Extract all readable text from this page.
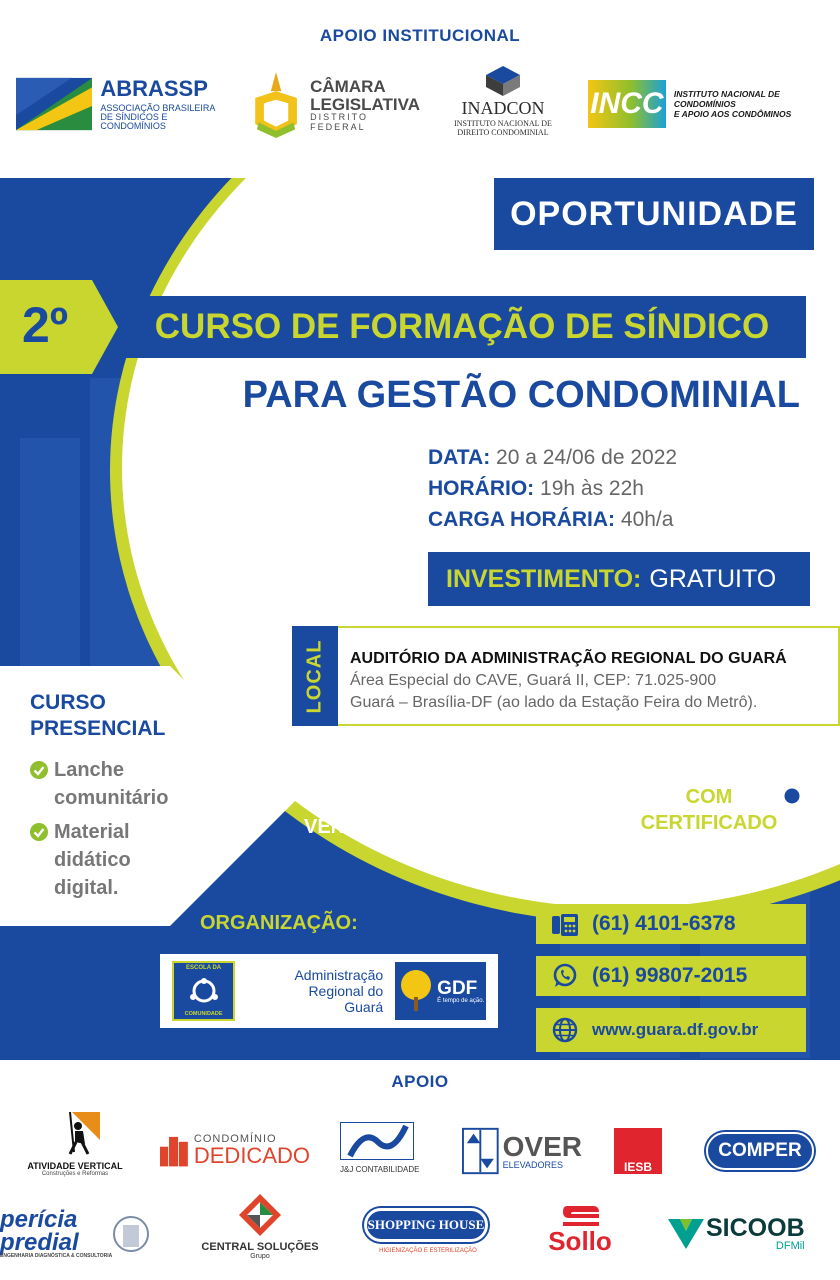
APOIO INSTITUCIONAL
ABRASSP
ASSOCIAÇÃO BRASILEIRA
DE SÍNDICOS E CONDOMÍNIOS
CÂMARA
LEGISLATIVA
DISTRITO FEDERAL
INADCON
INSTITUTO NACIONAL DE
DIREITO CONDOMINIAL
INCC INSTITUTO NACIONAL DE CONDOMÍNIOS
E APOIO AOS CONDÔMINOS
OPORTUNIDADE
2º	CURSO DE FORMAÇÃO DE SÍNDICO
PARA GESTÃO CONDOMINIAL
DATA: 20 a 24/06 de 2022
HORÁRIO: 19h às 22h
CARGA HORÁRIA: 40h/a
INVESTIMENTO: GRATUITO
LOCAL AUDITÓRIO DA ADMINISTRAÇÃO REGIONAL DO GUARÁ
Área Especial do CAVE, Guará II, CEP: 71.025-900
Guará – Brasília-DF (ao lado da Estação Feira do Metrô).
CURSO
PRESENCIAL
Lanche
comunitário
Material
didático
digital.
SÍNDICO, SUBSÍNDICO,
CONSELHEIRO E CONDÔMINO
VENHAM PARTICIPAR!
COM
CERTIFICADO
MAIS INFORMAÇÕES:
(61) 4101-6378
(61) 99807-2015
www.guara.df.gov.br
ORGANIZAÇÃO:
ESCOLA DA
COMUNIDADE
Administração
Regional do Guará
GDF
É tempo de ação.
APOIO
ATIVIDADE VERTICAL
Construções e Reformas
CONDOMÍNIO
DEDICADO
J&J CONTABILIDADE
OVER
ELEVADORES	IESB
COMPER
perícia
predial
ENGENHARIA DIAGNÓSTICA & CONSULTORIA
CENTRAL SOLUÇÕES
Grupo
SHOPPING HOUSE
HIGIENIZAÇÃO E ESTERILIZAÇÃO	Sollo	SICOOB
DFMil
